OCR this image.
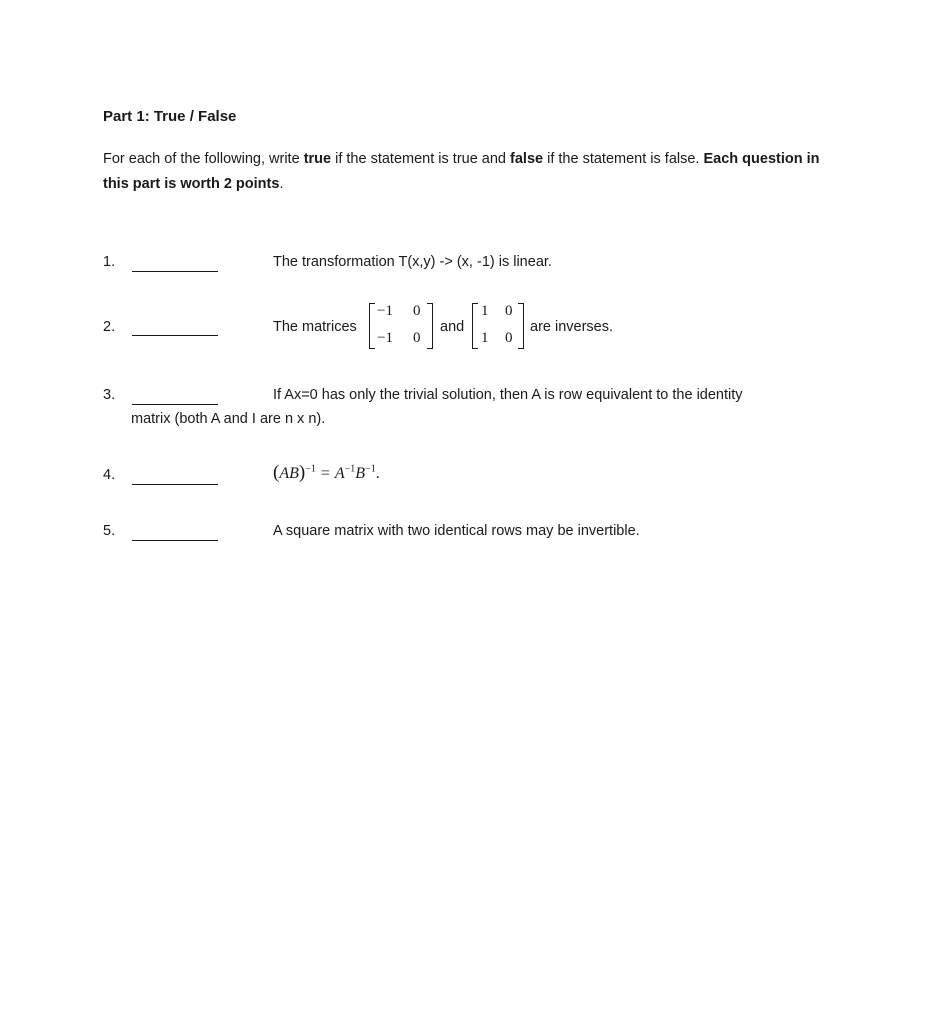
Part 1: True / False
For each of the following, write true if the statement is true and false if the statement is false. Each question in this part is worth 2 points.
1.	The transformation T(x,y) -> (x, -1) is linear.
2.	The matrices
−1 0
−1 0
and
1 0
1 0
are inverses.
3.	If Ax=0 has only the trivial solution, then A is row equivalent to the identity
matrix (both A and I are n x n).
4.	$(AB)^{-1} = A^{-1}B^{-1}$.
5.	A square matrix with two identical rows may be invertible.
